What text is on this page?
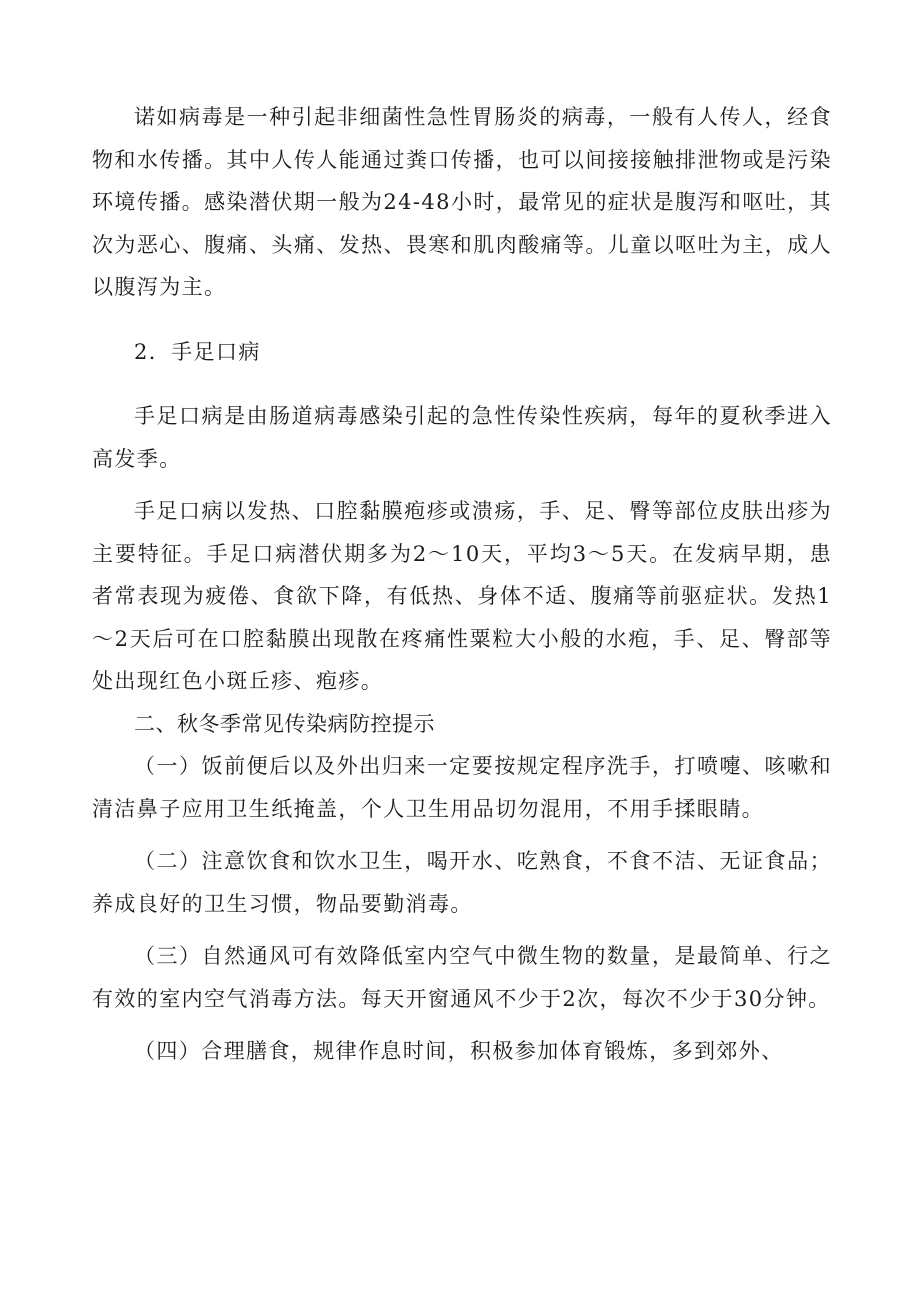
诺如病毒是一种引起非细菌性急性胃肠炎的病毒，一般有人传人，经食物和水传播。其中人传人能通过粪口传播，也可以间接接触排泄物或是污染环境传播。感染潜伏期一般为24-48小时，最常见的症状是腹泻和呕吐，其次为恶心、腹痛、头痛、发热、畏寒和肌肉酸痛等。儿童以呕吐为主，成人以腹泻为主。

2．手足口病

手足口病是由肠道病毒感染引起的急性传染性疾病，每年的夏秋季进入高发季。

手足口病以发热、口腔黏膜疱疹或溃疡，手、足、臀等部位皮肤出疹为主要特征。手足口病潜伏期多为2～10天，平均3～5天。在发病早期，患者常表现为疲倦、食欲下降，有低热、身体不适、腹痛等前驱症状。发热1～2天后可在口腔黏膜出现散在疼痛性粟粒大小般的水疱，手、足、臀部等处出现红色小斑丘疹、疱疹。

二、秋冬季常见传染病防控提示

（一）饭前便后以及外出归来一定要按规定程序洗手，打喷嚏、咳嗽和清洁鼻子应用卫生纸掩盖，个人卫生用品切勿混用，不用手揉眼睛。

（二）注意饮食和饮水卫生，喝开水、吃熟食，不食不洁、无证食品；养成良好的卫生习惯，物品要勤消毒。

（三）自然通风可有效降低室内空气中微生物的数量，是最简单、行之有效的室内空气消毒方法。每天开窗通风不少于2次，每次不少于30分钟。

（四）合理膳食，规律作息时间，积极参加体育锻炼，多到郊外、
